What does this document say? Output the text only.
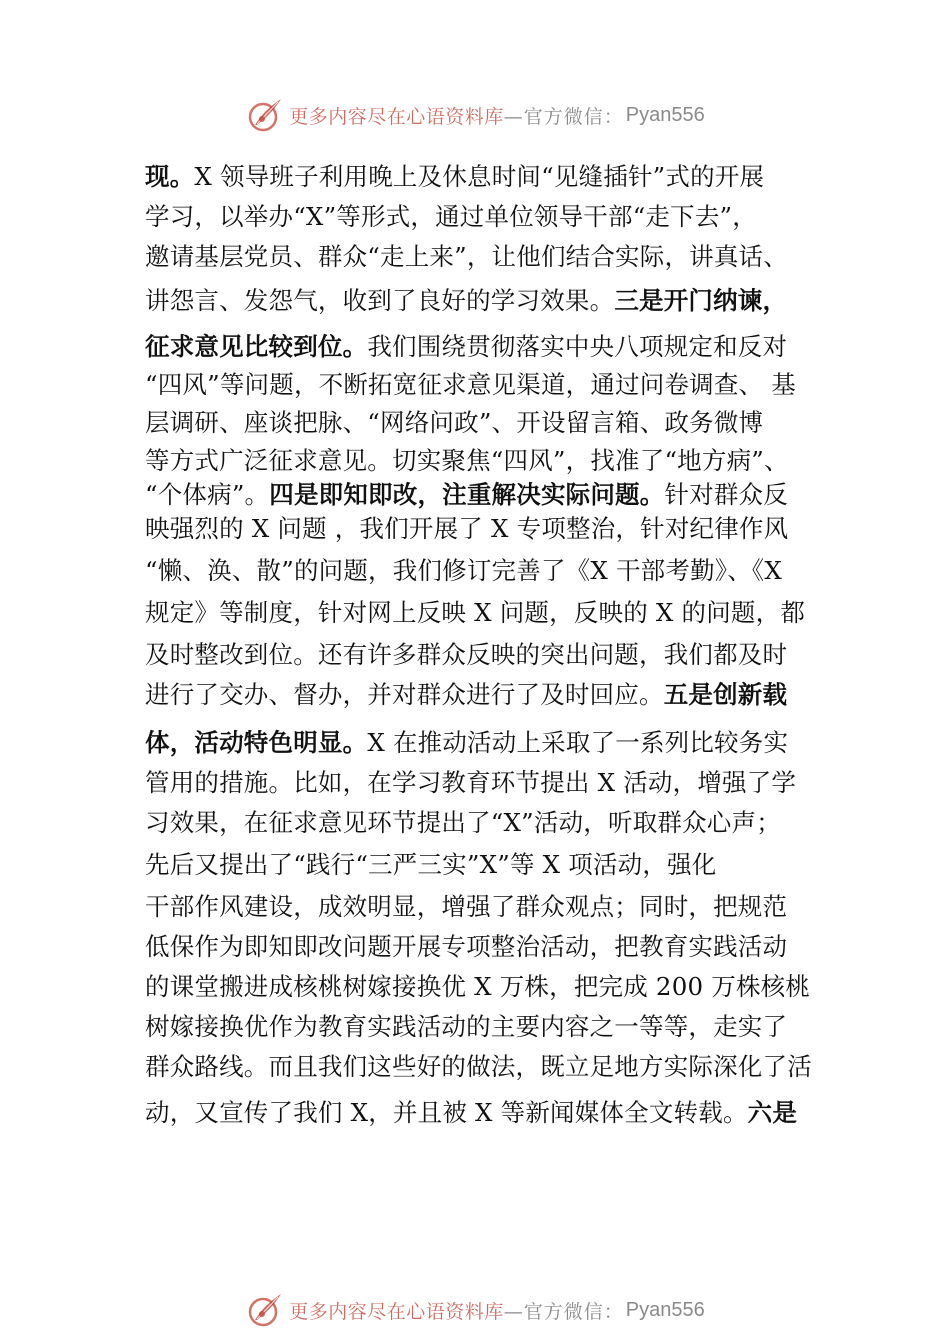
更多内容尽在心语资料库 —官方微信： Pyan556
现。X 领导班子利用晚上及休息时间“见缝插针”式的开展
学习，以举办“X”等形式，通过单位领导干部“走下去”，
邀请基层党员、群众“走上来”，让他们结合实际，讲真话、
讲怨言、发怨气，收到了良好的学习效果。三是开门纳谏，
征求意见比较到位。我们围绕贯彻落实中央八项规定和反对
“四风”等问题，不断拓宽征求意见渠道，通过问卷调查、 基
层调研、座谈把脉、“网络问政”、开设留言箱、政务微博
等方式广泛征求意见。切实聚焦“四风”，找准了“地方病”、
“个体病”。四是即知即改，注重解决实际问题。针对群众反
映强烈的 X 问题 ，我们开展了 X 专项整治，针对纪律作风
“懒、涣、散”的问题，我们修订完善了《X 干部考勤》、《X
规定》等制度，针对网上反映 X 问题，反映的 X 的问题，都
及时整改到位。还有许多群众反映的突出问题，我们都及时
进行了交办、督办，并对群众进行了及时回应。五是创新载
体，活动特色明显。X 在推动活动上采取了一系列比较务实
管用的措施。比如，在学习教育环节提出 X 活动，增强了学
习效果，在征求意见环节提出了“X”活动，听取群众心声；
先后又提出了“践行“三严三实”X”等 X 项活动，强化
干部作风建设，成效明显，增强了群众观点；同时，把规范
低保作为即知即改问题开展专项整治活动，把教育实践活动
的课堂搬进成核桃树嫁接换优 X 万株，把完成 200 万株核桃
树嫁接换优作为教育实践活动的主要内容之一等等，走实了
群众路线。而且我们这些好的做法，既立足地方实际深化了活
动，又宣传了我们 X，并且被 X 等新闻媒体全文转载。六是
更多内容尽在心语资料库 —官方微信： Pyan556
